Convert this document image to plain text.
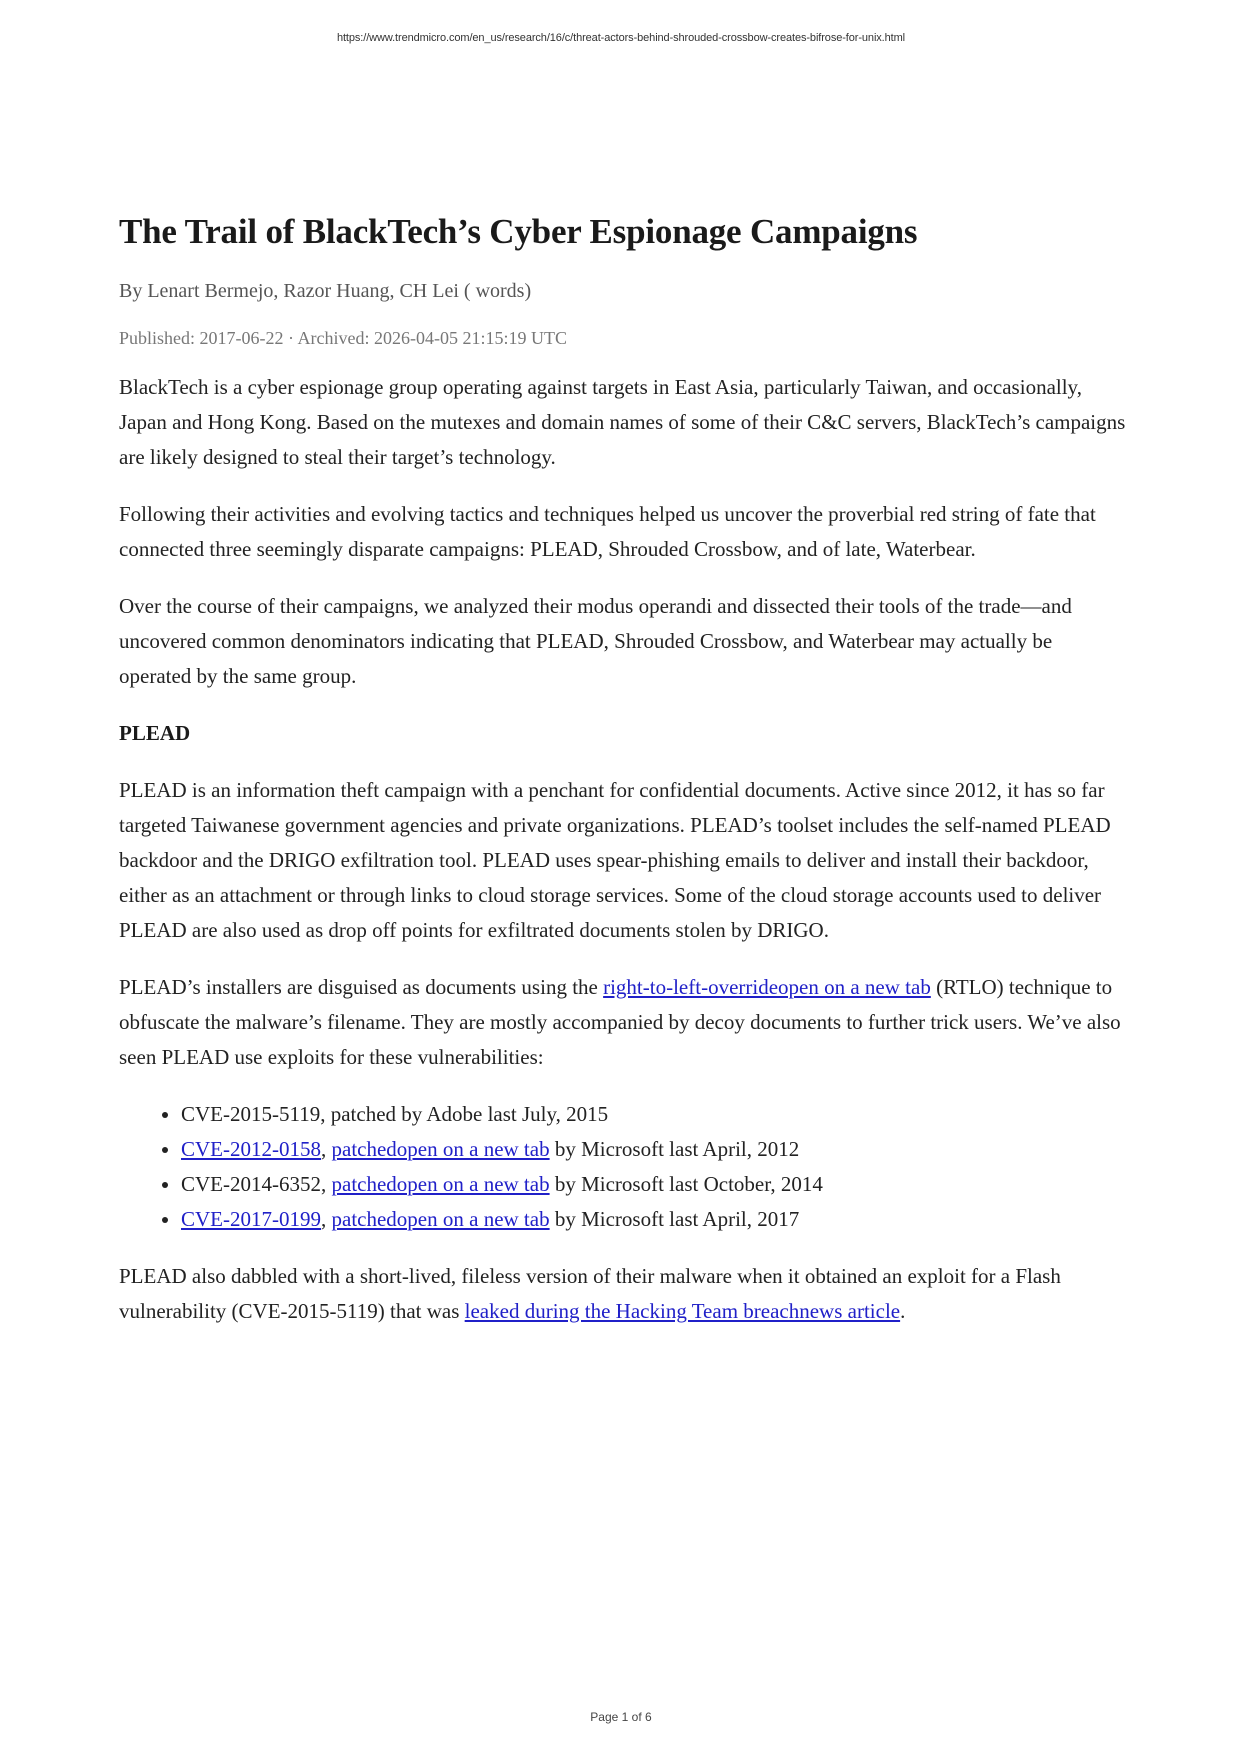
https://www.trendmicro.com/en_us/research/16/c/threat-actors-behind-shrouded-crossbow-creates-bifrose-for-unix.html
The Trail of BlackTech’s Cyber Espionage Campaigns
By Lenart Bermejo, Razor Huang, CH Lei ( words)
Published: 2017-06-22 · Archived: 2026-04-05 21:15:19 UTC

BlackTech is a cyber espionage group operating against targets in East Asia, particularly Taiwan, and occasionally, Japan and Hong Kong. Based on the mutexes and domain names of some of their C&C servers, BlackTech’s campaigns are likely designed to steal their target’s technology.

Following their activities and evolving tactics and techniques helped us uncover the proverbial red string of fate that connected three seemingly disparate campaigns: PLEAD, Shrouded Crossbow, and of late, Waterbear.

Over the course of their campaigns, we analyzed their modus operandi and dissected their tools of the trade—and uncovered common denominators indicating that PLEAD, Shrouded Crossbow, and Waterbear may actually be operated by the same group.

PLEAD

PLEAD is an information theft campaign with a penchant for confidential documents. Active since 2012, it has so far targeted Taiwanese government agencies and private organizations. PLEAD’s toolset includes the self-named PLEAD backdoor and the DRIGO exfiltration tool. PLEAD uses spear-phishing emails to deliver and install their backdoor, either as an attachment or through links to cloud storage services. Some of the cloud storage accounts used to deliver PLEAD are also used as drop off points for exfiltrated documents stolen by DRIGO.

PLEAD’s installers are disguised as documents using the right-to-left-overrideopen on a new tab (RTLO) technique to obfuscate the malware’s filename. They are mostly accompanied by decoy documents to further trick users. We’ve also seen PLEAD use exploits for these vulnerabilities:

• CVE-2015-5119, patched by Adobe last July, 2015
• CVE-2012-0158, patchedopen on a new tab by Microsoft last April, 2012
• CVE-2014-6352, patchedopen on a new tab by Microsoft last October, 2014
• CVE-2017-0199, patchedopen on a new tab by Microsoft last April, 2017

PLEAD also dabbled with a short-lived, fileless version of their malware when it obtained an exploit for a Flash vulnerability (CVE-2015-5119) that was leaked during the Hacking Team breachnews article.

Page 1 of 6
